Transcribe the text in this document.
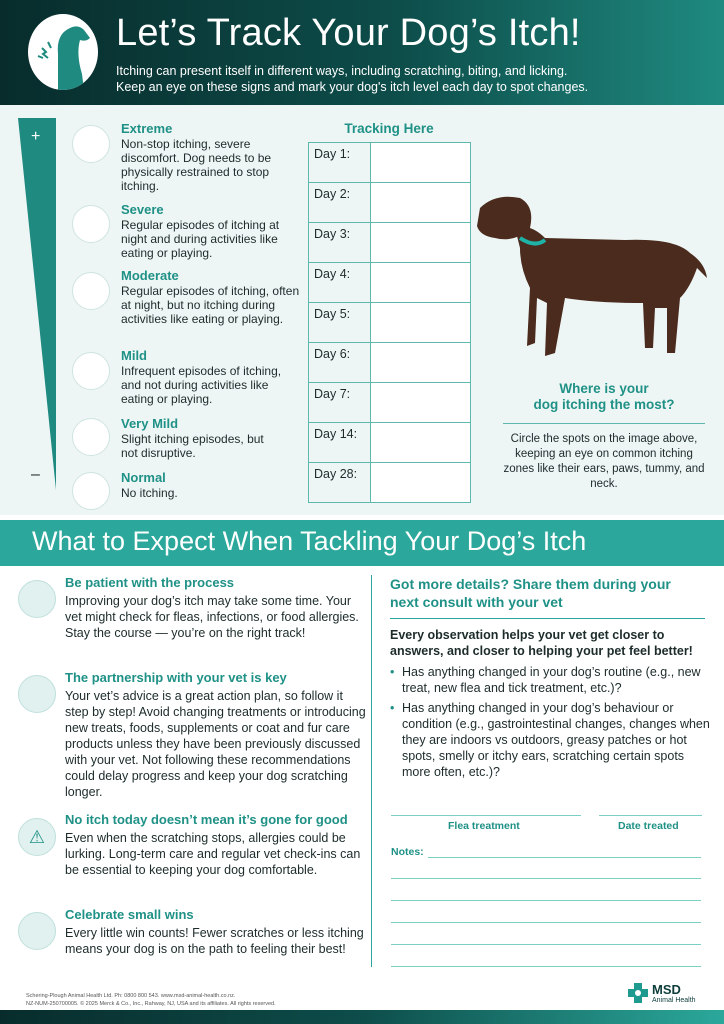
Let’s Track Your Dog’s Itch!
Itching can present itself in different ways, including scratching, biting, and licking.
Keep an eye on these signs and mark your dog's itch level each day to spot changes.
+
–
Extreme
Non-stop itching, severe discomfort. Dog needs to be physically restrained to stop itching.
Severe
Regular episodes of itching at night and during activities like eating or playing.
Moderate
Regular episodes of itching, often at night, but no itching during activities like eating or playing.
Mild
Infrequent episodes of itching, and not during activities like eating or playing.
Very Mild
Slight itching episodes, but not disruptive.
Normal
No itching.
Tracking Here
Day 1:	
Day 2:	
Day 3:	
Day 4:	
Day 5:	
Day 6:	
Day 7:	
Day 14:	
Day 28:	
Where is your
dog itching the most?
Circle the spots on the image above, keeping an eye on common itching zones like their ears, paws, tummy, and neck.
What to Expect When Tackling Your Dog’s Itch
Be patient with the process
Improving your dog’s itch may take some time. Your vet might check for fleas, infections, or food allergies. Stay the course — you’re on the right track!
The partnership with your vet is key
Your vet’s advice is a great action plan, so follow it step by step! Avoid changing treatments or introducing new treats, foods, supplements or coat and fur care products unless they have been previously discussed with your vet. Not following these recommendations could delay progress and keep your dog scratching longer.
⚠
No itch today doesn’t mean it’s gone for good
Even when the scratching stops, allergies could be lurking. Long-term care and regular vet check-ins can be essential to keeping your dog comfortable.
Celebrate small wins
Every little win counts! Fewer scratches or less itching means your dog is on the path to feeling their best!
Got more details? Share them during your next consult with your vet
Every observation helps your vet get closer to answers, and closer to helping your pet feel better!
• Has anything changed in your dog’s routine (e.g., new treat, new flea and tick treatment, etc.)?
• Has anything changed in your dog’s behaviour or condition (e.g., gastrointestinal changes, changes when they are indoors vs outdoors, greasy patches or hot spots, smelly or itchy ears, scratching certain spots more often, etc.)?
Flea treatment	Date treated
Notes:
Schering-Plough Animal Health Ltd. Ph: 0800 800 543. www.msd-animal-health.co.nz.
NZ-NUM-250700005. © 2025 Merck & Co., Inc., Rahway, NJ, USA and its affiliates. All rights reserved.
MSD
Animal Health
